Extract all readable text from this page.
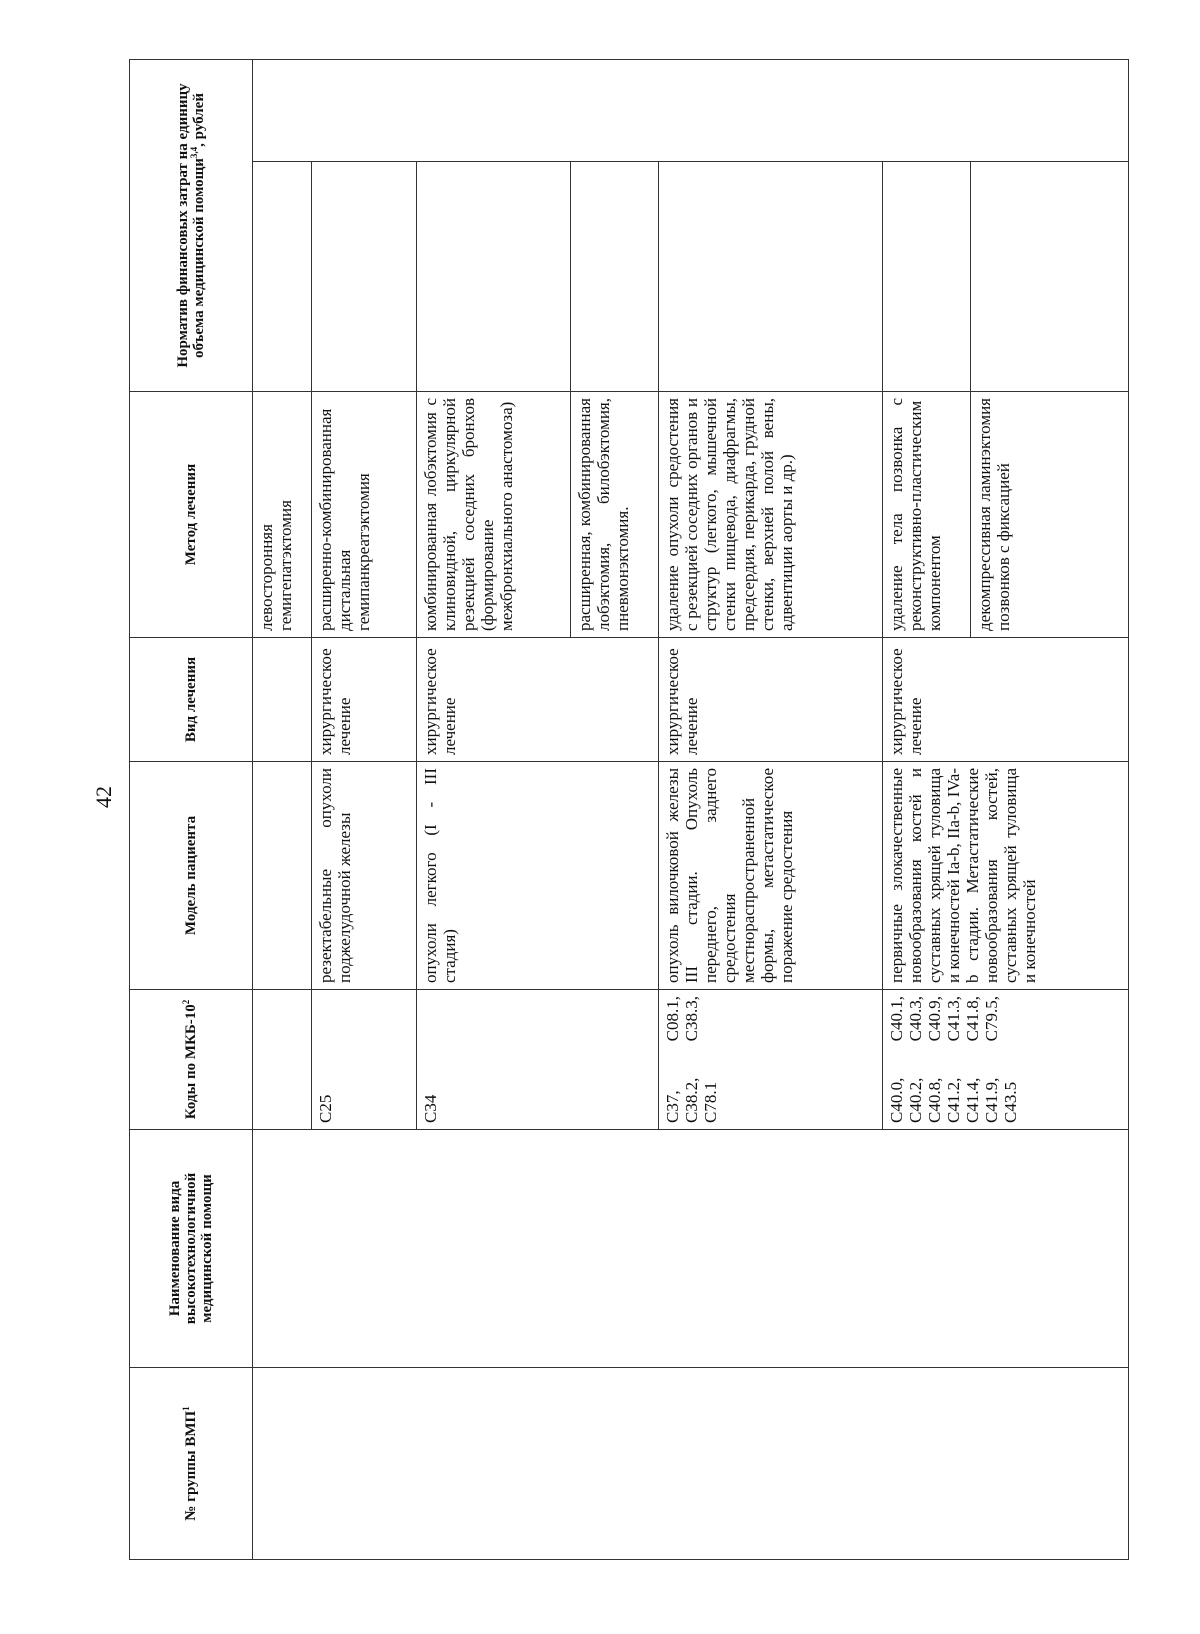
42
№ группы ВМП$^1$	Наименование вида высокотехнологичной медицинской помощи	Коды по МКБ-$10^2$	Модель пациента	Вид лечения	Метод лечения	Норматив финансовых затрат на единицу объема медицинской помощи$^{3,4}$, рублей	
					левосторонняя гемигепатэктомия		
		C25	резектабельные опухоли поджелудочной железы	хирургическое лечение	расширенно-комбинированная дистальная гемипанкреатэктомия		
		C34	опухоли легкого (I - III стадия)	хирургическое лечение	комбинированная лобэктомия с клиновидной, циркулярной резекцией соседних бронхов (формирование межбронхиального анастомоза)		
					расширенная, комбинированная лобэктомия, билобэктомия, пневмонэктомия.		
		C37, C08.1, C38.2, C38.3, C78.1	опухоль вилочковой железы III стадии. Опухоль переднего, заднего средостения местнораспространенной формы, метастатическое поражение средостения	хирургическое лечение	удаление опухоли средостения с резекцией соседних органов и структур (легкого, мышечной стенки пищевода, диафрагмы, предсердия, перикарда, грудной стенки, верхней полой вены, адвентиции аорты и др.)		
		C40.0, C40.1, C40.2, C40.3, C40.8, C40.9, C41.2, C41.3, C41.4, C41.8, C41.9, C79.5, C43.5	первичные злокачественные новообразования костей и суставных хрящей туловища и конечностей Ia-b, IIa-b, IVa-b стадии. Метастатические новообразования костей, суставных хрящей туловища и конечностей	хирургическое лечение	удаление тела позвонка с реконструктивно-пластическим компонентом		
					декомпрессивная ламинэктомия позвонков с фиксацией		
